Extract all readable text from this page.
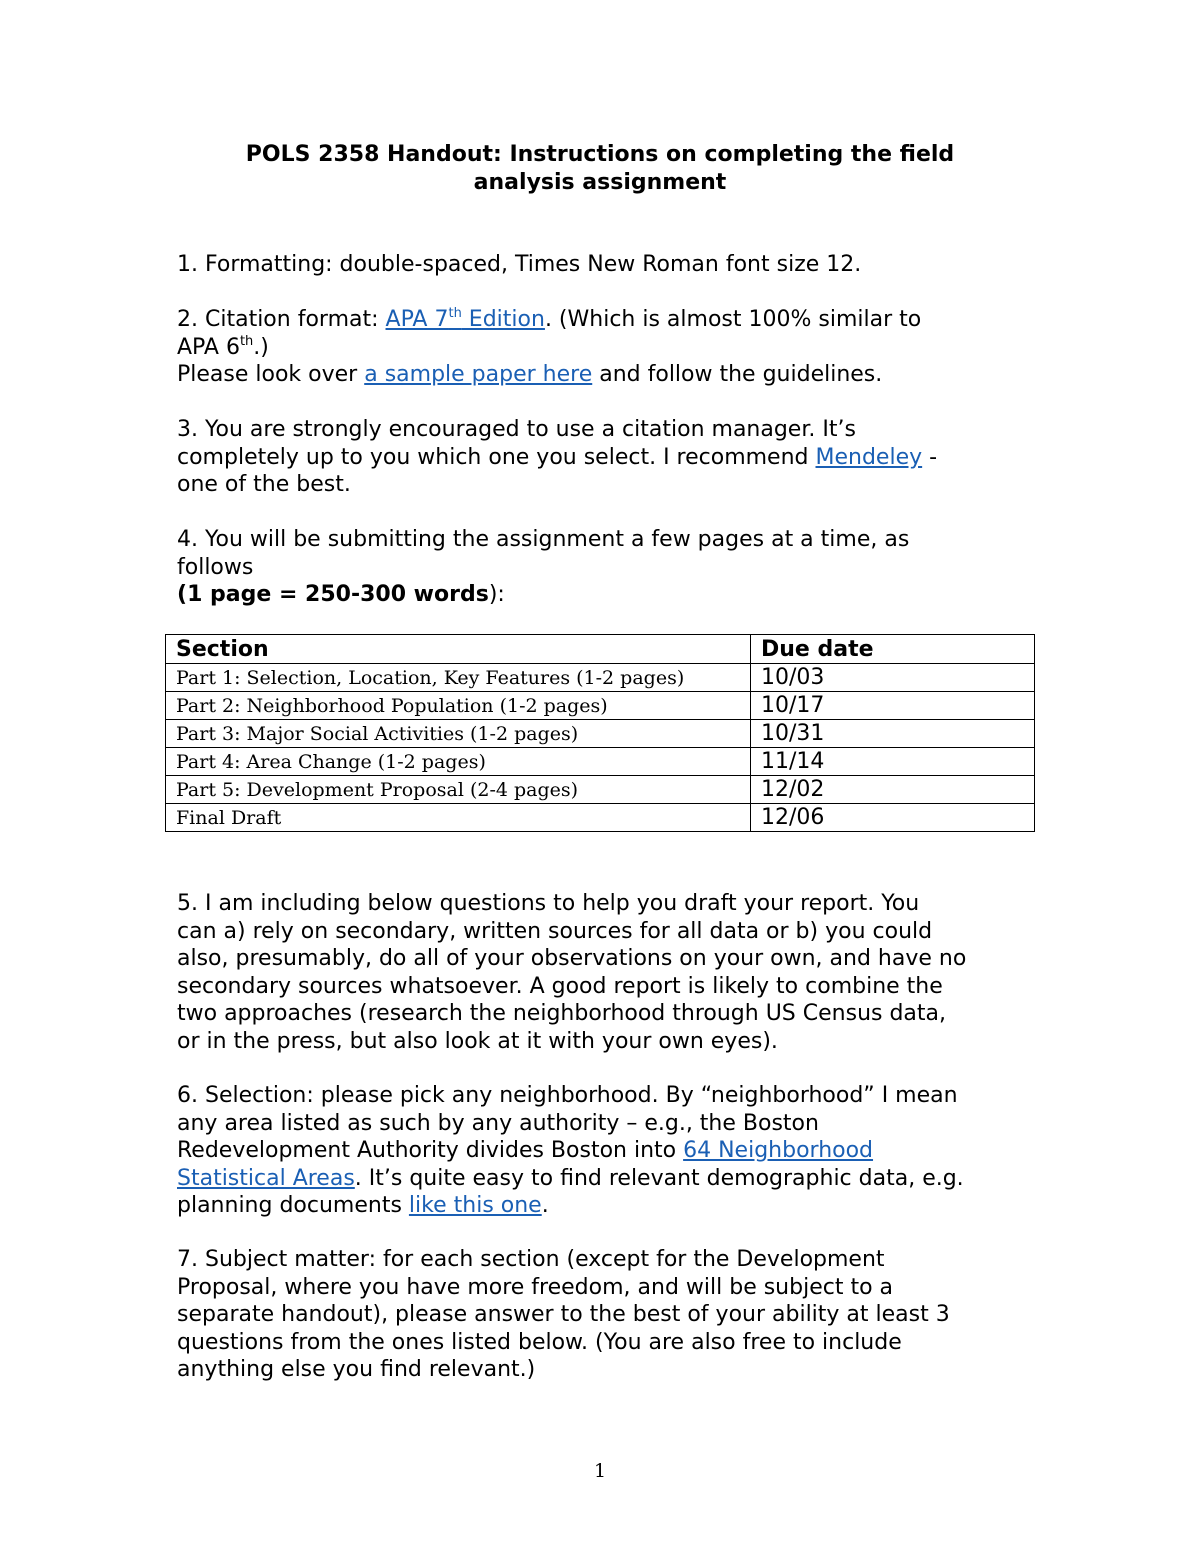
POLS 2358 Handout: Instructions on completing the field
analysis assignment
1. Formatting: double-spaced, Times New Roman font size 12.
2. Citation format: APA 7th Edition. (Which is almost 100% similar to
APA 6th.)
Please look over a sample paper here and follow the guidelines.
3. You are strongly encouraged to use a citation manager. It’s
completely up to you which one you select. I recommend Mendeley -
one of the best.
4. You will be submitting the assignment a few pages at a time, as
follows
(1 page = 250-300 words):
Section	Due date
Part 1: Selection, Location, Key Features (1-2 pages)	10/03
Part 2: Neighborhood Population (1-2 pages)	10/17
Part 3: Major Social Activities (1-2 pages)	10/31
Part 4: Area Change (1-2 pages)	11/14
Part 5: Development Proposal (2-4 pages)	12/02
Final Draft	12/06
5. I am including below questions to help you draft your report. You
can a) rely on secondary, written sources for all data or b) you could
also, presumably, do all of your observations on your own, and have no
secondary sources whatsoever. A good report is likely to combine the
two approaches (research the neighborhood through US Census data,
or in the press, but also look at it with your own eyes).
6. Selection: please pick any neighborhood. By “neighborhood” I mean
any area listed as such by any authority – e.g., the Boston
Redevelopment Authority divides Boston into 64 Neighborhood
Statistical Areas. It’s quite easy to find relevant demographic data, e.g.
planning documents like this one.
7. Subject matter: for each section (except for the Development
Proposal, where you have more freedom, and will be subject to a
separate handout), please answer to the best of your ability at least 3
questions from the ones listed below. (You are also free to include
anything else you find relevant.)
1
